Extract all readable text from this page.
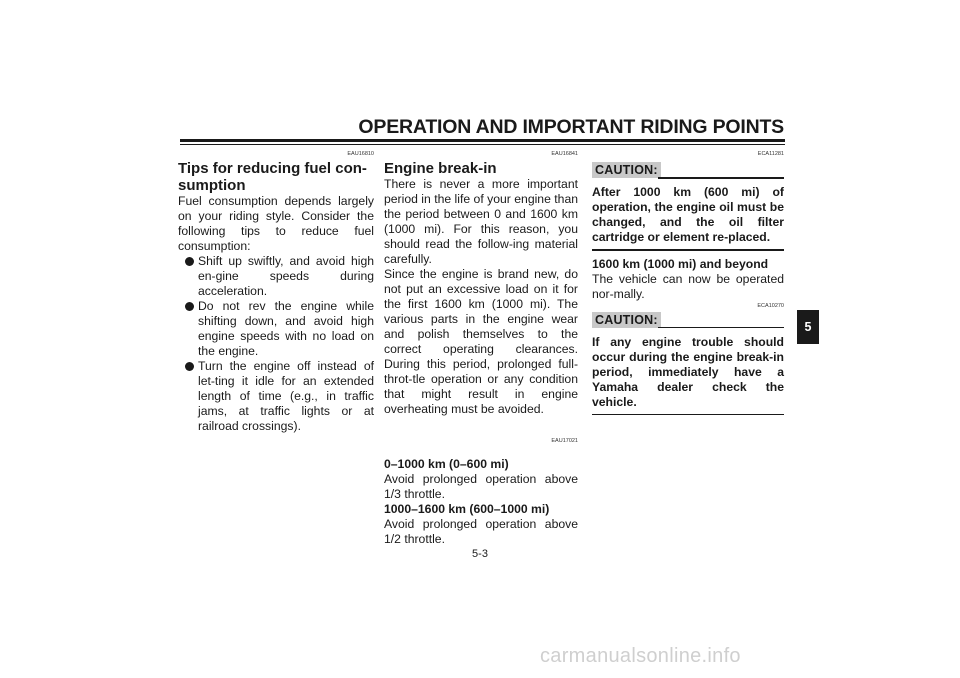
OPERATION AND IMPORTANT RIDING POINTS
EAU16810
Tips for reducing fuel con-
sumption

Fuel consumption depends largely on your riding style. Consider the following tips to reduce fuel consumption:

Shift up swiftly, and avoid high en-gine speeds during acceleration.
Do not rev the engine while shifting down, and avoid high engine speeds with no load on the engine.
Turn the engine off instead of let-ting it idle for an extended length of time (e.g., in traffic jams, at traffic lights or at railroad crossings).
EAU16841
Engine break-in

There is never a more important period in the life of your engine than the period between 0 and 1600 km (1000 mi). For this reason, you should read the follow-ing material carefully.

Since the engine is brand new, do not put an excessive load on it for the first 1600 km (1000 mi). The various parts in the engine wear and polish themselves to the correct operating clearances. During this period, prolonged full-throt-tle operation or any condition that might result in engine overheating must be avoided.

EAU17021

0–1000 km (0–600 mi)

Avoid prolonged operation above 1/3 throttle.

1000–1600 km (600–1000 mi)

Avoid prolonged operation above 1/2 throttle.

ECA11281
CAUTION:
After 1000 km (600 mi) of operation, the engine oil must be changed, and the oil filter cartridge or element re-placed.

1600 km (1000 mi) and beyond

The vehicle can now be operated nor-mally.

ECA10270
CAUTION:
If any engine trouble should occur during the engine break-in period, immediately have a Yamaha dealer check the vehicle.
5
5-3
carmanualsonline.info
